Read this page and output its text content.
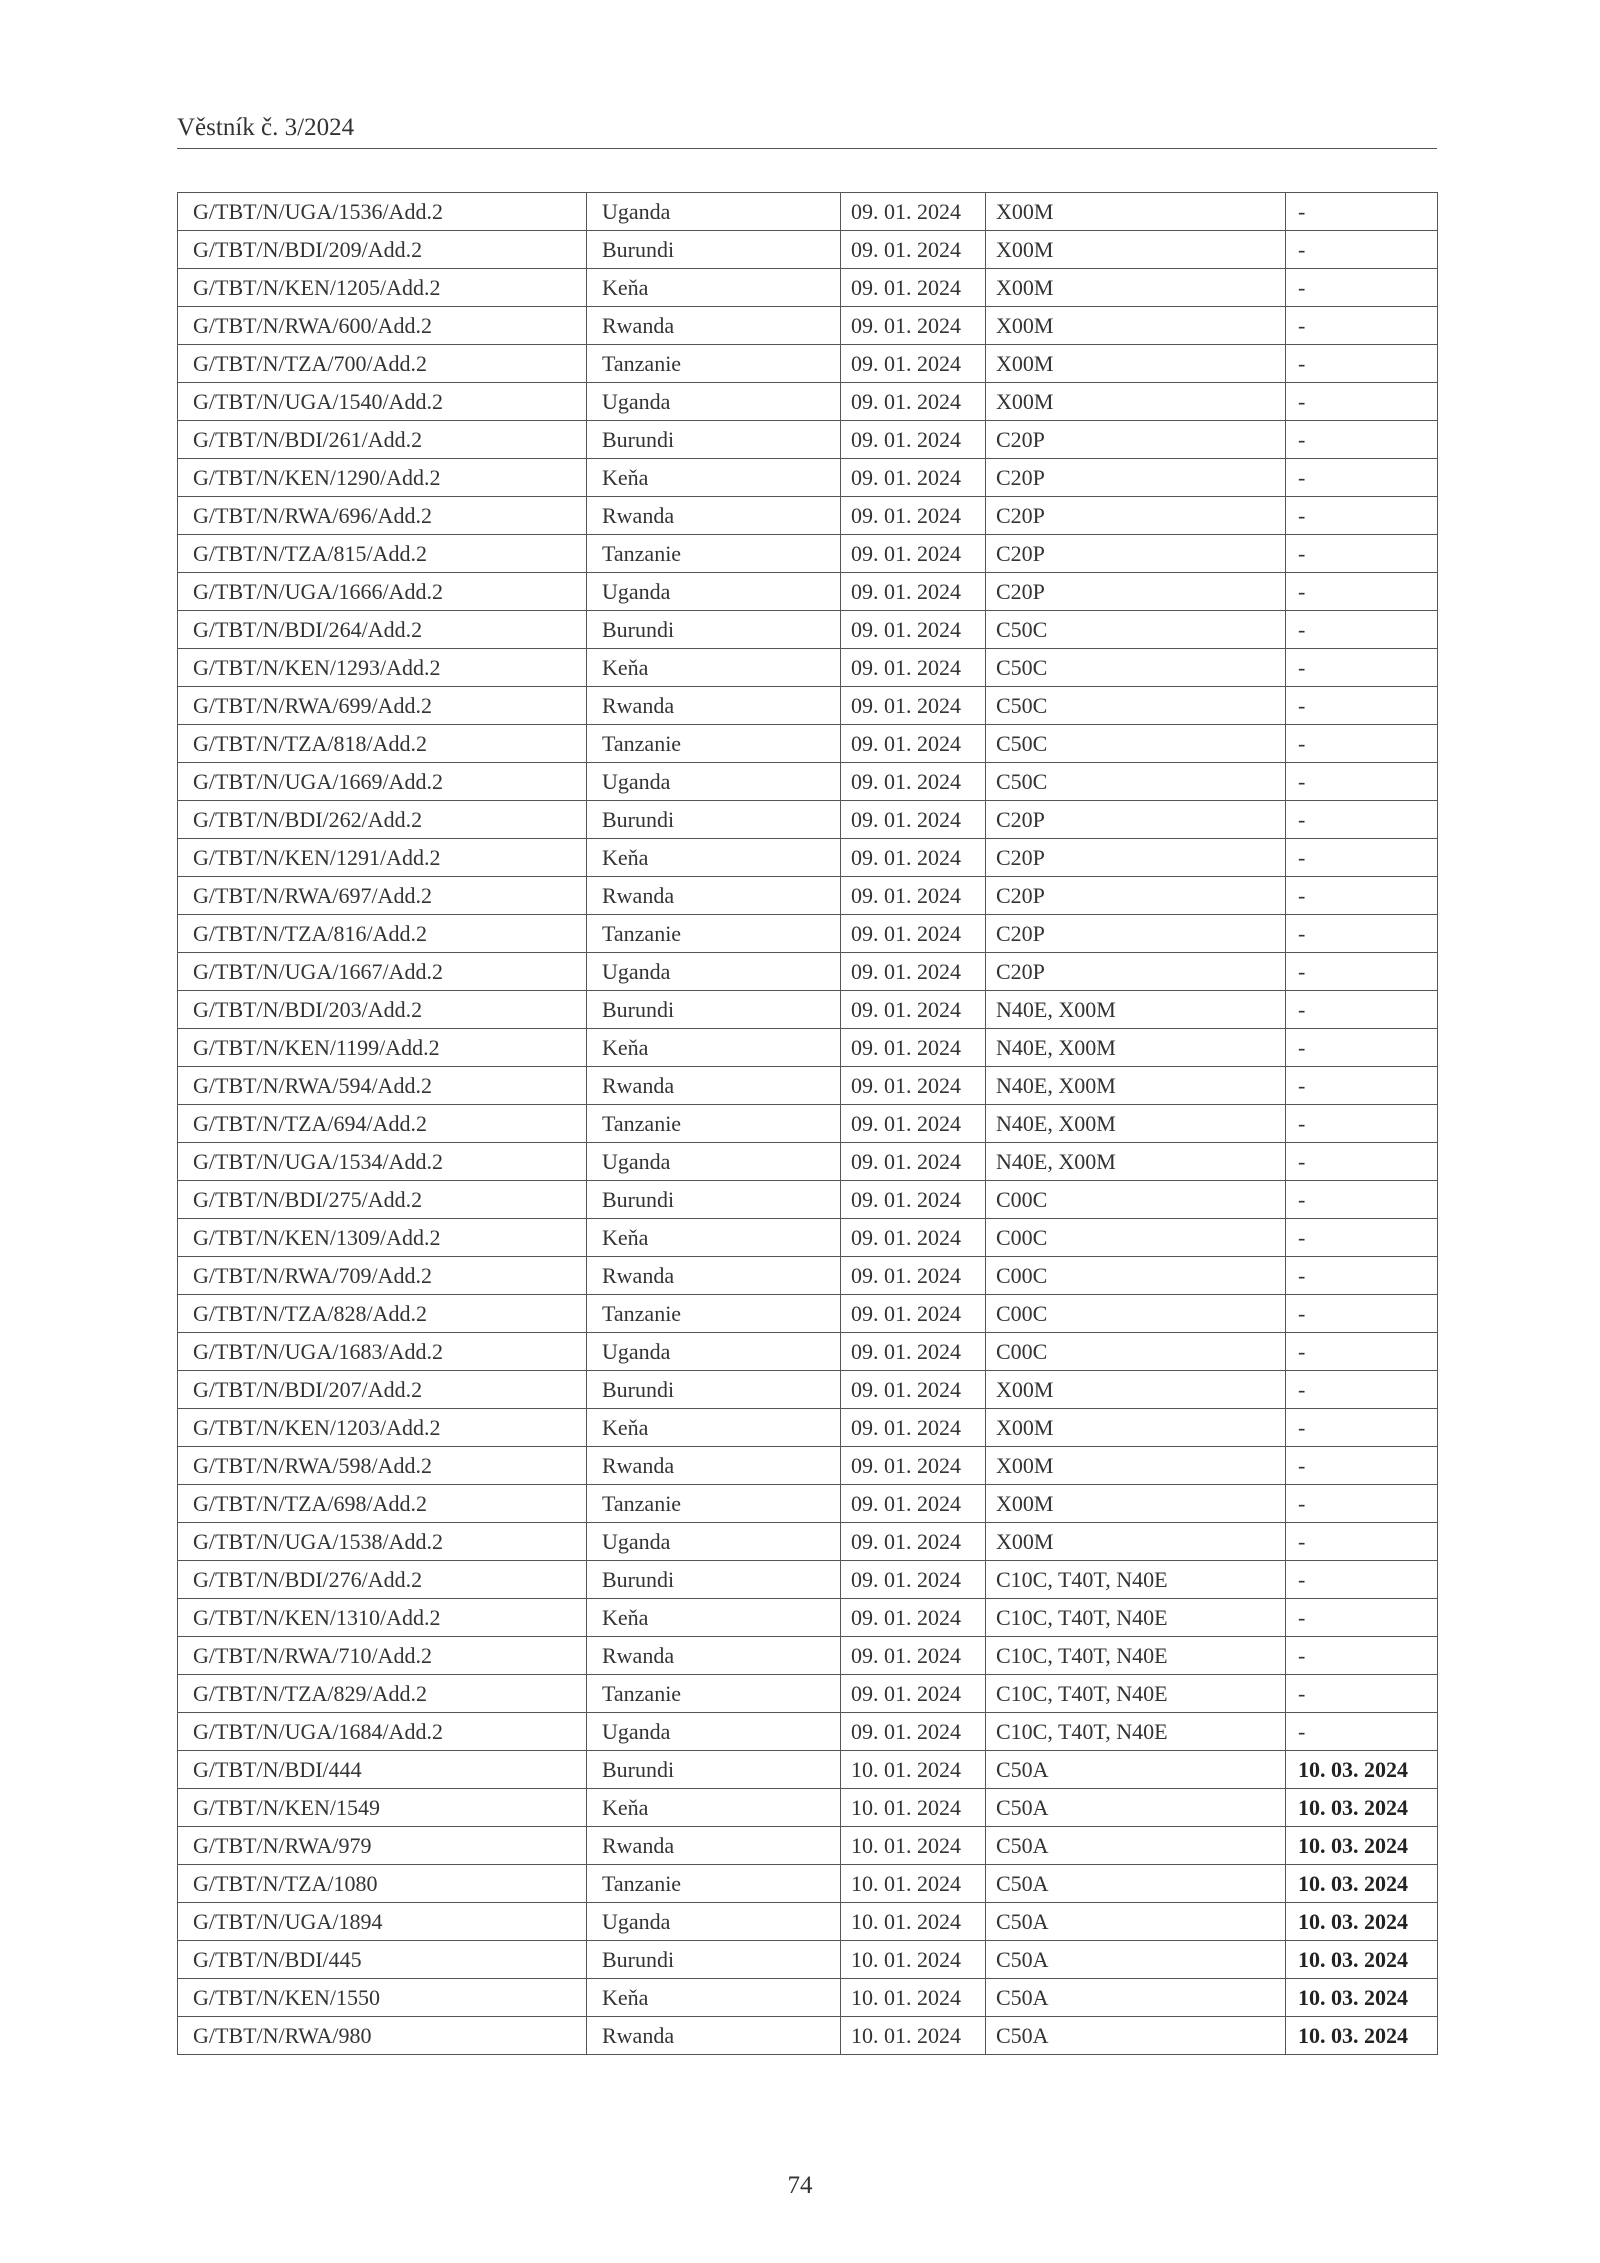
Věstník č. 3/2024
G/TBT/N/UGA/1536/Add.2	Uganda	09. 01. 2024	X00M	-
G/TBT/N/BDI/209/Add.2	Burundi	09. 01. 2024	X00M	-
G/TBT/N/KEN/1205/Add.2	Keňa	09. 01. 2024	X00M	-
G/TBT/N/RWA/600/Add.2	Rwanda	09. 01. 2024	X00M	-
G/TBT/N/TZA/700/Add.2	Tanzanie	09. 01. 2024	X00M	-
G/TBT/N/UGA/1540/Add.2	Uganda	09. 01. 2024	X00M	-
G/TBT/N/BDI/261/Add.2	Burundi	09. 01. 2024	C20P	-
G/TBT/N/KEN/1290/Add.2	Keňa	09. 01. 2024	C20P	-
G/TBT/N/RWA/696/Add.2	Rwanda	09. 01. 2024	C20P	-
G/TBT/N/TZA/815/Add.2	Tanzanie	09. 01. 2024	C20P	-
G/TBT/N/UGA/1666/Add.2	Uganda	09. 01. 2024	C20P	-
G/TBT/N/BDI/264/Add.2	Burundi	09. 01. 2024	C50C	-
G/TBT/N/KEN/1293/Add.2	Keňa	09. 01. 2024	C50C	-
G/TBT/N/RWA/699/Add.2	Rwanda	09. 01. 2024	C50C	-
G/TBT/N/TZA/818/Add.2	Tanzanie	09. 01. 2024	C50C	-
G/TBT/N/UGA/1669/Add.2	Uganda	09. 01. 2024	C50C	-
G/TBT/N/BDI/262/Add.2	Burundi	09. 01. 2024	C20P	-
G/TBT/N/KEN/1291/Add.2	Keňa	09. 01. 2024	C20P	-
G/TBT/N/RWA/697/Add.2	Rwanda	09. 01. 2024	C20P	-
G/TBT/N/TZA/816/Add.2	Tanzanie	09. 01. 2024	C20P	-
G/TBT/N/UGA/1667/Add.2	Uganda	09. 01. 2024	C20P	-
G/TBT/N/BDI/203/Add.2	Burundi	09. 01. 2024	N40E, X00M	-
G/TBT/N/KEN/1199/Add.2	Keňa	09. 01. 2024	N40E, X00M	-
G/TBT/N/RWA/594/Add.2	Rwanda	09. 01. 2024	N40E, X00M	-
G/TBT/N/TZA/694/Add.2	Tanzanie	09. 01. 2024	N40E, X00M	-
G/TBT/N/UGA/1534/Add.2	Uganda	09. 01. 2024	N40E, X00M	-
G/TBT/N/BDI/275/Add.2	Burundi	09. 01. 2024	C00C	-
G/TBT/N/KEN/1309/Add.2	Keňa	09. 01. 2024	C00C	-
G/TBT/N/RWA/709/Add.2	Rwanda	09. 01. 2024	C00C	-
G/TBT/N/TZA/828/Add.2	Tanzanie	09. 01. 2024	C00C	-
G/TBT/N/UGA/1683/Add.2	Uganda	09. 01. 2024	C00C	-
G/TBT/N/BDI/207/Add.2	Burundi	09. 01. 2024	X00M	-
G/TBT/N/KEN/1203/Add.2	Keňa	09. 01. 2024	X00M	-
G/TBT/N/RWA/598/Add.2	Rwanda	09. 01. 2024	X00M	-
G/TBT/N/TZA/698/Add.2	Tanzanie	09. 01. 2024	X00M	-
G/TBT/N/UGA/1538/Add.2	Uganda	09. 01. 2024	X00M	-
G/TBT/N/BDI/276/Add.2	Burundi	09. 01. 2024	C10C, T40T, N40E	-
G/TBT/N/KEN/1310/Add.2	Keňa	09. 01. 2024	C10C, T40T, N40E	-
G/TBT/N/RWA/710/Add.2	Rwanda	09. 01. 2024	C10C, T40T, N40E	-
G/TBT/N/TZA/829/Add.2	Tanzanie	09. 01. 2024	C10C, T40T, N40E	-
G/TBT/N/UGA/1684/Add.2	Uganda	09. 01. 2024	C10C, T40T, N40E	-
G/TBT/N/BDI/444	Burundi	10. 01. 2024	C50A	10. 03. 2024
G/TBT/N/KEN/1549	Keňa	10. 01. 2024	C50A	10. 03. 2024
G/TBT/N/RWA/979	Rwanda	10. 01. 2024	C50A	10. 03. 2024
G/TBT/N/TZA/1080	Tanzanie	10. 01. 2024	C50A	10. 03. 2024
G/TBT/N/UGA/1894	Uganda	10. 01. 2024	C50A	10. 03. 2024
G/TBT/N/BDI/445	Burundi	10. 01. 2024	C50A	10. 03. 2024
G/TBT/N/KEN/1550	Keňa	10. 01. 2024	C50A	10. 03. 2024
G/TBT/N/RWA/980	Rwanda	10. 01. 2024	C50A	10. 03. 2024
74
